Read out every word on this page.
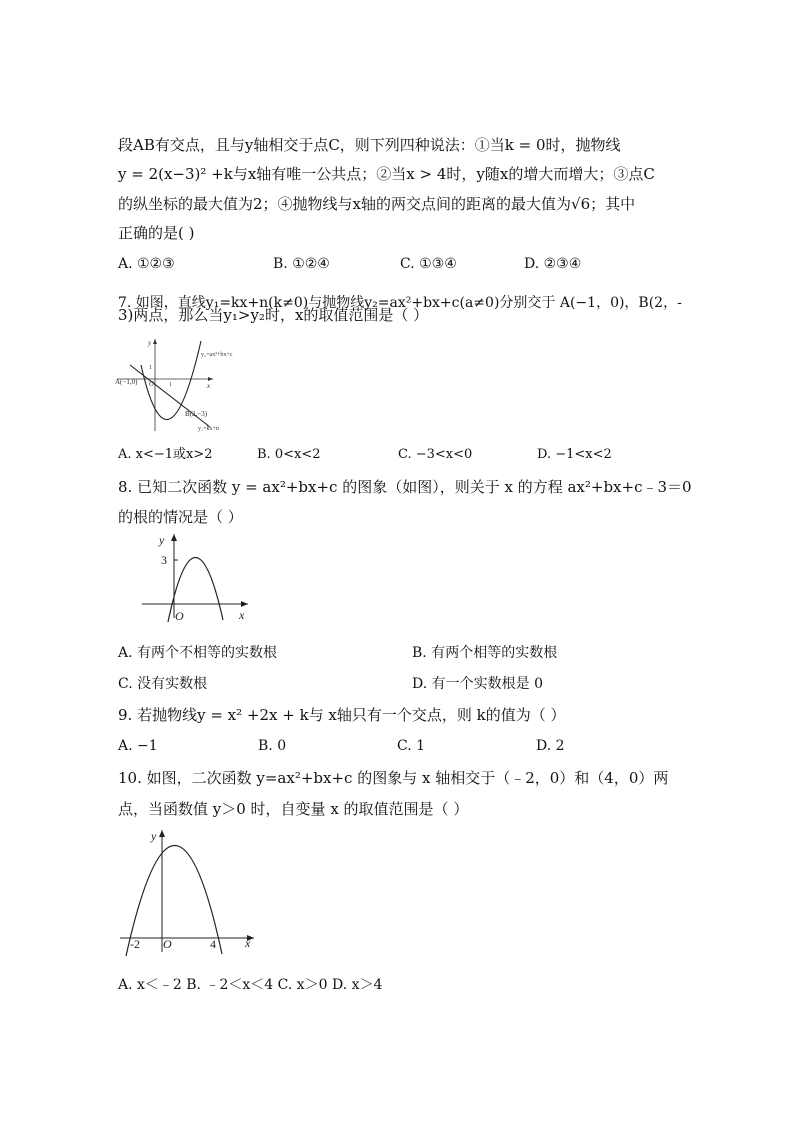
段AB有交点，且与y轴相交于点C，则下列四种说法：①当k = 0时，抛物线
y = 2(x−3)² +k与x轴有唯一公共点；②当x > 4时，y随x的增大而增大；③点C
的纵坐标的最大值为2；④抛物线与x轴的两交点间的距离的最大值为√6；其中
正确的是( )
A. ①②③	B. ①②④	C. ①③④	D. ②③④
7. 如图，直线y₁=kx+n(k≠0)与抛物线y₂=ax²+bx+c(a≠0)分别交于 A(−1，0)，B(2，-
3)两点，那么当y₁>y₂时，x的取值范围是（ ）
y
x
O 1
1
A(−1,0)
B(2,−3)
y₂=ax²+bx+c
y₁=kx+n
A. x<−1或x>2	B. 0<x<2	C. −3<x<0	D. −1<x<2
8. 已知二次函数 y = ax²+bx+c 的图象（如图），则关于 x 的方程 ax²+bx+c﹣3＝0
的根的情况是（ ）
y
x
O
3
A. 有两个不相等的实数根	B. 有两个相等的实数根
C. 没有实数根	D. 有一个实数根是 0
9. 若抛物线y = x² +2x + k与 x轴只有一个交点，则 k的值为（ ）
A. −1	B. 0	C. 1	D. 2
10. 如图，二次函数 y=ax²+bx+c 的图象与 x 轴相交于（﹣2，0）和（4，0）两
点，当函数值 y＞0 时，自变量 x 的取值范围是（ ）
y
x
O
-2	4
A. x＜﹣2 B. ﹣2＜x＜4 C. x＞0 D. x＞4
